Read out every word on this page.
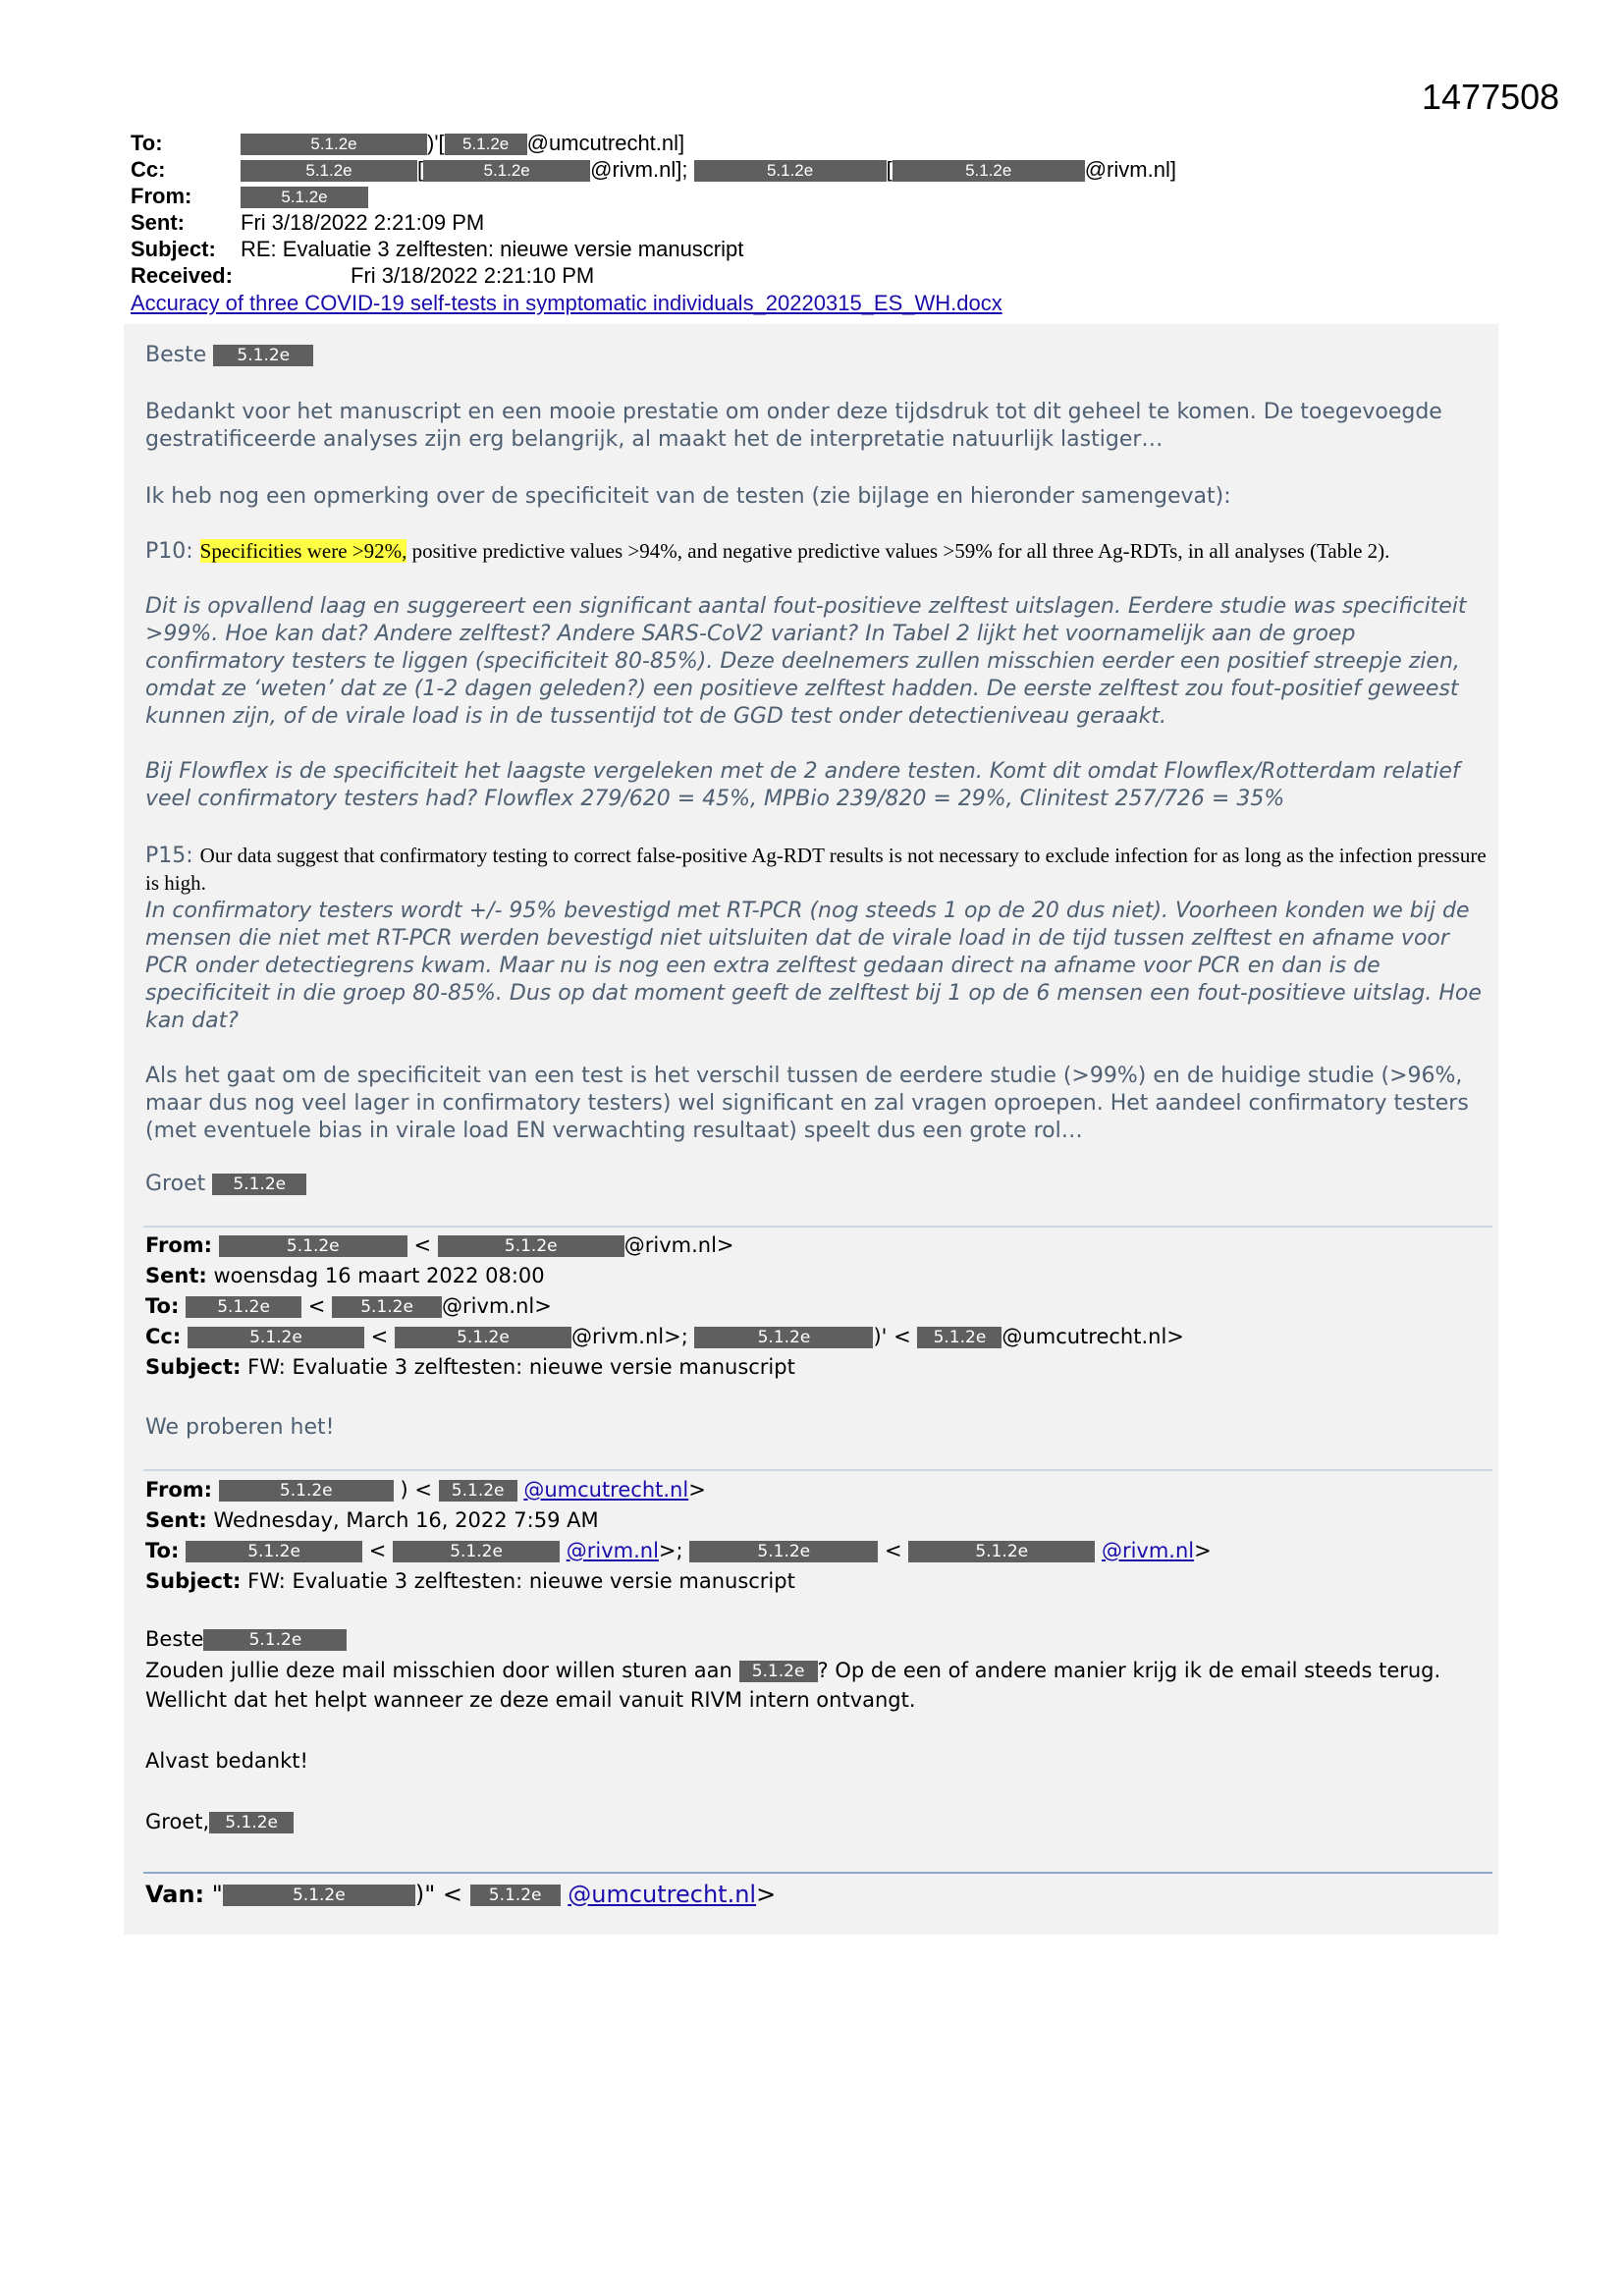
1477508
To:	5.1.2e	)'[ 5.1.2e @umcutrecht.nl]
Cc:	5.1.2e	[	5.1.2e	@rivm.nl];	5.1.2e	[	5.1.2e	@rivm.nl]
From:	5.1.2e
Sent:	Fri 3/18/2022 2:21:09 PM
Subject: RE: Evaluatie 3 zelftesten: nieuwe versie manuscript
Received:	Fri 3/18/2022 2:21:10 PM
Accuracy of three COVID-19 self-tests in symptomatic individuals_20220315_ES_WH.docx
Beste 5.1.2e
Bedankt voor het manuscript en een mooie prestatie om onder deze tijdsdruk tot dit geheel te komen. De toegevoegde gestratificeerde analyses zijn erg belangrijk, al maakt het de interpretatie natuurlijk lastiger…
Ik heb nog een opmerking over de specificiteit van de testen (zie bijlage en hieronder samengevat):
P10: Specificities were >92%, positive predictive values >94%, and negative predictive values >59% for all three Ag-RDTs, in all analyses (Table 2).
Dit is opvallend laag en suggereert een significant aantal fout-positieve zelftest uitslagen. Eerdere studie was specificiteit >99%. Hoe kan dat? Andere zelftest? Andere SARS-CoV2 variant? In Tabel 2 lijkt het voornamelijk aan de groep confirmatory testers te liggen (specificiteit 80-85%). Deze deelnemers zullen misschien eerder een positief streepje zien, omdat ze ‘weten’ dat ze (1-2 dagen geleden?) een positieve zelftest hadden. De eerste zelftest zou fout-positief geweest kunnen zijn, of de virale load is in de tussentijd tot de GGD test onder detectieniveau geraakt.
Bij Flowflex is de specificiteit het laagste vergeleken met de 2 andere testen. Komt dit omdat Flowflex/Rotterdam relatief veel confirmatory testers had? Flowflex 279/620 = 45%, MPBio 239/820 = 29%, Clinitest 257/726 = 35%
P15: Our data suggest that confirmatory testing to correct false-positive Ag-RDT results is not necessary to exclude infection for as long as the infection pressure is high.
In confirmatory testers wordt +/- 95% bevestigd met RT-PCR (nog steeds 1 op de 20 dus niet). Voorheen konden we bij de mensen die niet met RT-PCR werden bevestigd niet uitsluiten dat de virale load in de tijd tussen zelftest en afname voor PCR onder detectiegrens kwam. Maar nu is nog een extra zelftest gedaan direct na afname voor PCR en dan is de specificiteit in die groep 80-85%. Dus op dat moment geeft de zelftest bij 1 op de 6 mensen een fout-positieve uitslag. Hoe kan dat?
Als het gaat om de specificiteit van een test is het verschil tussen de eerdere studie (>99%) en de huidige studie (>96%, maar dus nog veel lager in confirmatory testers) wel significant en zal vragen oproepen. Het aandeel confirmatory testers (met eventuele bias in virale load EN verwachting resultaat) speelt dus een grote rol…
Groet 5.1.2e
From:	5.1.2e	<	5.1.2e	@rivm.nl>
Sent: woensdag 16 maart 2022 08:00
To: 5.1.2e < 5.1.2e @rivm.nl>
Cc:	5.1.2e	<	5.1.2e	@rivm.nl>;	5.1.2e	)' < 5.1.2e @umcutrecht.nl>
Subject: FW: Evaluatie 3 zelftesten: nieuwe versie manuscript
We proberen het!
From:	5.1.2e	) < 5.1.2e @umcutrecht.nl>
Sent: Wednesday, March 16, 2022 7:59 AM
To:	5.1.2e	<	5.1.2e	@rivm.nl>;	5.1.2e	<	5.1.2e	@rivm.nl>
Subject: FW: Evaluatie 3 zelftesten: nieuwe versie manuscript
Beste	5.1.2e
Zouden jullie deze mail misschien door willen sturen aan 5.1.2e ? Op de een of andere manier krijg ik de email steeds terug.
Wellicht dat het helpt wanneer ze deze email vanuit RIVM intern ontvangt.
Alvast bedankt!
Groet, 5.1.2e
Van: "	5.1.2e	)" < 5.1.2e @umcutrecht.nl>
